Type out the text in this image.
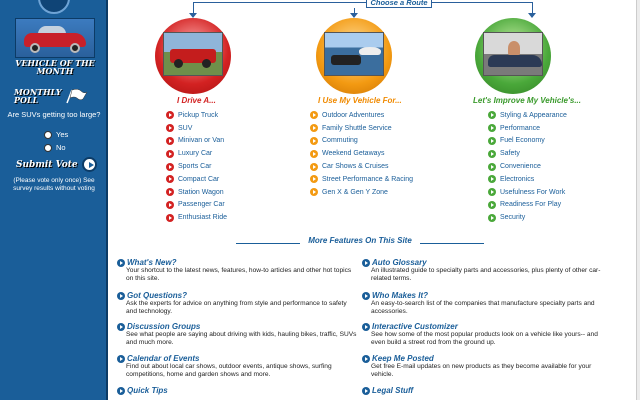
VEHICLE OF THE MONTH
MONTHLY POLL
Are SUVs getting too large?
Yes
No
Submit Vote
(Please vote only once) See survey results without voting
Choose a Route
I Drive A...	I Use My Vehicle For...	Let's Improve My Vehicle's...
Pickup Truck
SUV
Minivan or Van
Luxury Car
Sports Car
Compact Car
Station Wagon
Passenger Car
Enthusiast Ride
Outdoor Adventures
Family Shuttle Service
Commuting
Weekend Getaways
Car Shows & Cruises
Street Performance & Racing
Gen X & Gen Y Zone
Styling & Appearance
Performance
Fuel Economy
Safety
Convenience
Electronics
Usefulness For Work
Readiness For Play
Security
More Features On This Site
What's New?
Your shortcut to the latest news, features, how-to articles and other hot topics on this site.
Auto Glossary
An illustrated guide to specialty parts and accessories, plus plenty of other car-related terms.
Got Questions?
Ask the experts for advice on anything from style and performance to safety and technology.
Who Makes It?
An easy-to-search list of the companies that manufacture specialty parts and accessories.
Discussion Groups
See what people are saying about driving with kids, hauling bikes, traffic, SUVs and much more.
Interactive Customizer
See how some of the most popular products look on a vehicle like yours-- and even build a street rod from the ground up.
Calendar of Events
Find out about local car shows, outdoor events, antique shows, surfing competitions, home and garden shows and more.
Keep Me Posted
Get free E-mail updates on new products as they become available for your vehicle.
Quick Tips	Legal Stuff
